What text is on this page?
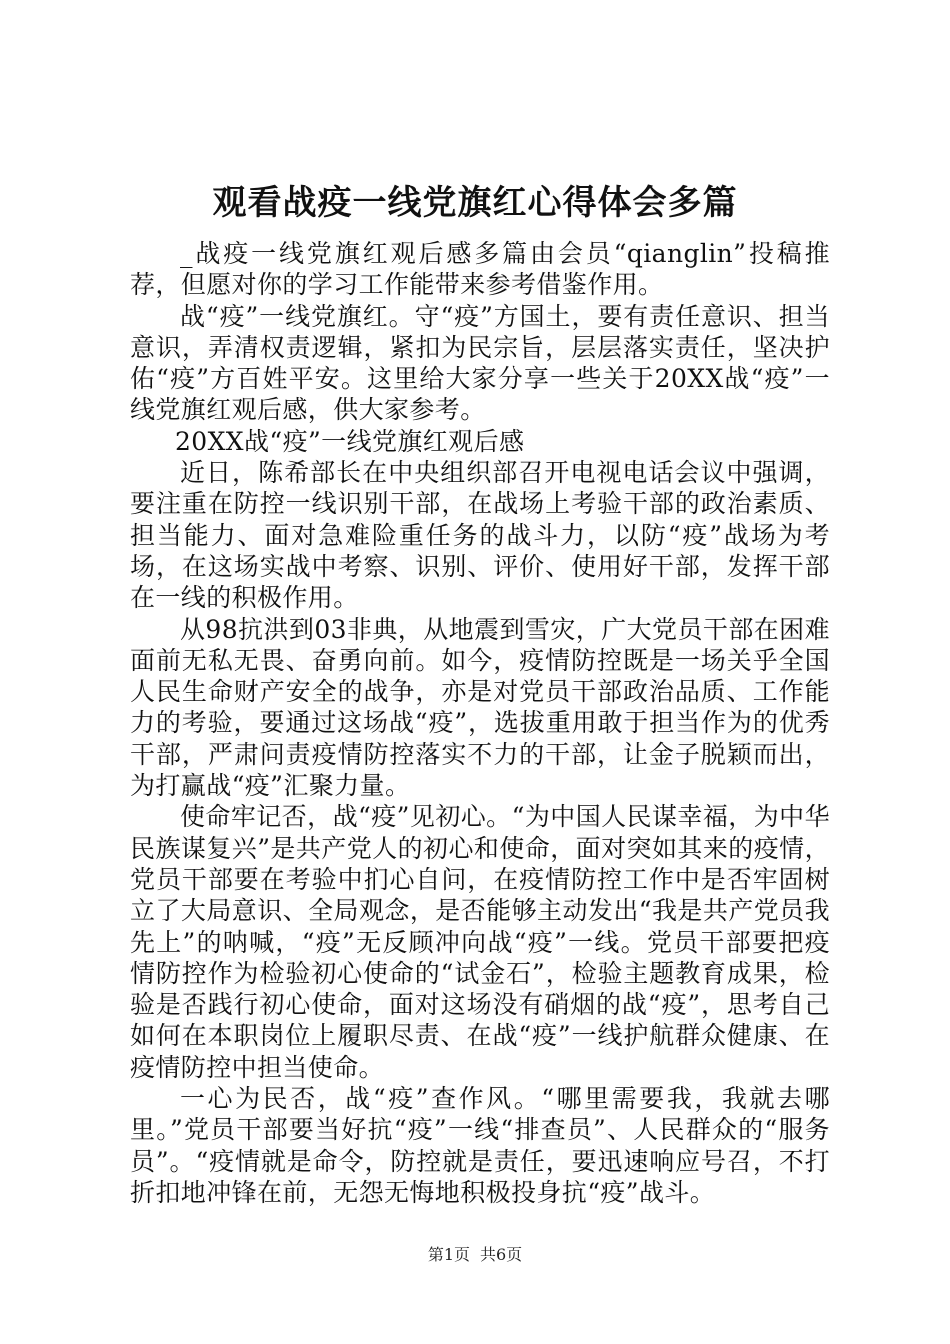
观看战疫一线党旗红心得体会多篇

_战疫一线党旗红观后感多篇由会员“qianglin”投稿推荐，但愿对你的学习工作能带来参考借鉴作用。

战“疫”一线党旗红。守“疫”方国土，要有责任意识、担当意识，弄清权责逻辑，紧扣为民宗旨，层层落实责任，坚决护佑“疫”方百姓平安。这里给大家分享一些关于20XX战“疫”一线党旗红观后感，供大家参考。

20XX战“疫”一线党旗红观后感

近日，陈希部长在中央组织部召开电视电话会议中强调，要注重在防控一线识别干部，在战场上考验干部的政治素质、担当能力、面对急难险重任务的战斗力，以防“疫”战场为考场，在这场实战中考察、识别、评价、使用好干部，发挥干部在一线的积极作用。

从98抗洪到03非典，从地震到雪灾，广大党员干部在困难面前无私无畏、奋勇向前。如今，疫情防控既是一场关乎全国人民生命财产安全的战争，亦是对党员干部政治品质、工作能力的考验，要通过这场战“疫”，选拔重用敢于担当作为的优秀干部，严肃问责疫情防控落实不力的干部，让金子脱颖而出，为打赢战“疫”汇聚力量。

使命牢记否，战“疫”见初心。“为中国人民谋幸福，为中华民族谋复兴”是共产党人的初心和使命，面对突如其来的疫情，党员干部要在考验中扪心自问，在疫情防控工作中是否牢固树立了大局意识、全局观念，是否能够主动发出“我是共产党员我先上”的呐喊，“疫”无反顾冲向战“疫”一线。党员干部要把疫情防控作为检验初心使命的“试金石”，检验主题教育成果，检验是否践行初心使命，面对这场没有硝烟的战“疫”，思考自己如何在本职岗位上履职尽责、在战“疫”一线护航群众健康、在疫情防控中担当使命。

一心为民否，战“疫”查作风。“哪里需要我，我就去哪里。”党员干部要当好抗“疫”一线“排查员”、人民群众的“服务员”。“疫情就是命令，防控就是责任，要迅速响应号召，不打折扣地冲锋在前，无怨无悔地积极投身抗“疫”战斗。

第1页 共6页
